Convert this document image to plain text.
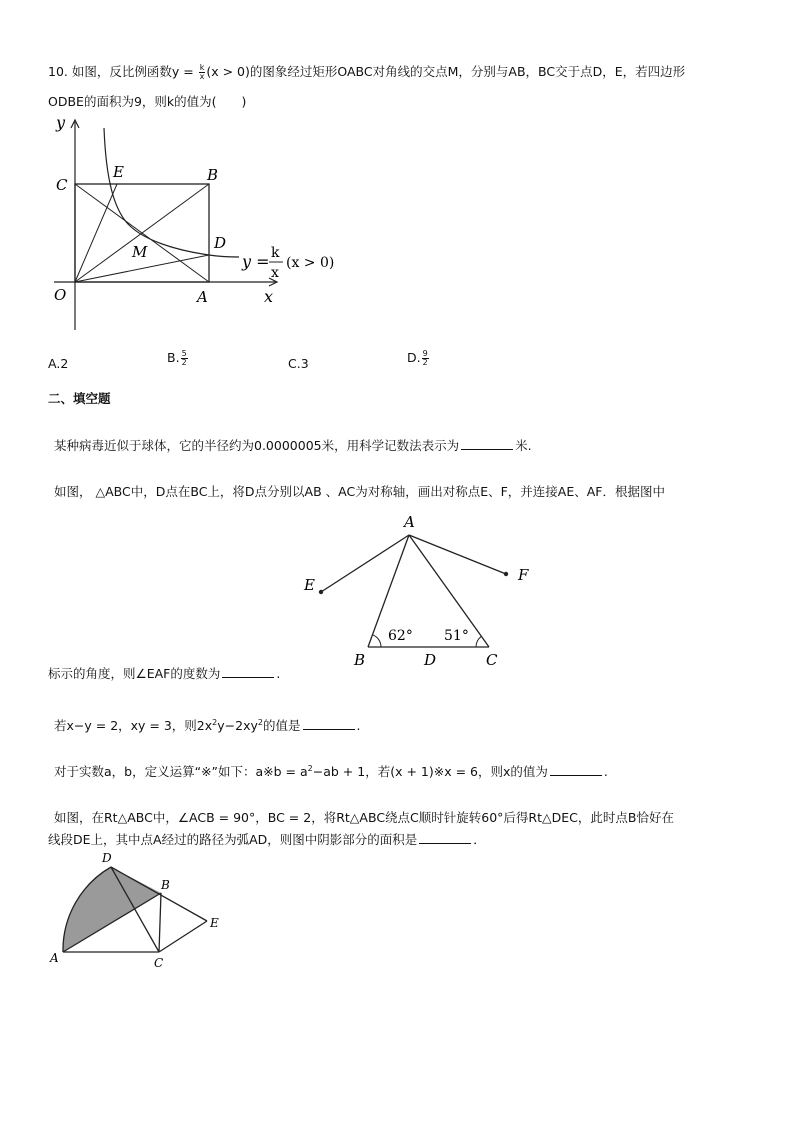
10. 如图，反比例函数$y = \frac{k}{x} (x > 0)$的图象经过矩形OABC对角线的交点M，分别与AB，BC交于点D，E，若四边形
ODBE的面积为9，则k的值为(　　)
y
x
O	A
B
C
D
E
M	y = k
x
(x > 0)
A.2	B. $\frac{5}{2}$	C.3	D. $\frac{9}{2}$
二、填空题
某种病毒近似于球体，它的半径约为0.0000005米，用科学记数法表示为	米.
如图， △ABC中，D点在BC上，将D点分别以AB 、AC为对称轴，画出对称点E、F，并连接AE、AF．根据图中
A
B	C
D
E
F
62° 51°
标示的角度，则∠EAF的度数为	.
若x−y = 2，xy = 3，则$2x^2y-2xy^2$的值是	.
对于实数a，b，定义运算“※”如下：a※b = $a^2-ab + 1$，若(x + 1)※x = 6，则x的值为	.
如图，在Rt△ABC中，∠ACB = 90°，BC = 2，将Rt△ABC绕点C顺时针旋转60°后得Rt△DEC，此时点B恰好在
线段DE上，其中点A经过的路径为弧AD，则图中阴影部分的面积是	．
A
B
C
D
E
